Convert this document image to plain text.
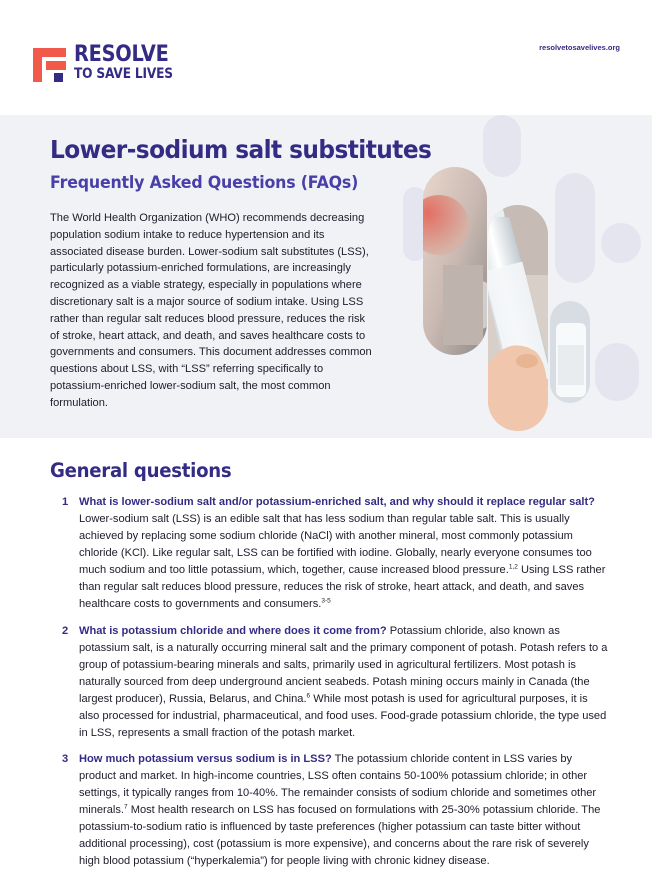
RESOLVE
TO SAVE LIVES
resolvetosavelives.org
Lower-sodium salt substitutes
Frequently Asked Questions (FAQs)

The World Health Organization (WHO) recommends decreasing population sodium intake to reduce hypertension and its associated disease burden. Lower-sodium salt substitutes (LSS), particularly potassium-enriched formulations, are increasingly recognized as a viable strategy, especially in populations where discretionary salt is a major source of sodium intake. Using LSS rather than regular salt reduces blood pressure, reduces the risk of stroke, heart attack, and death, and saves healthcare costs to governments and consumers. This document addresses common questions about LSS, with “LSS” referring specifically to potassium-enriched lower-sodium salt, the most common formulation.

General questions
1 What is lower-sodium salt and/or potassium-enriched salt, and why should it replace regular salt? Lower-sodium salt (LSS) is an edible salt that has less sodium than regular table salt. This is usually achieved by replacing some sodium chloride (NaCl) with another mineral, most commonly potassium chloride (KCl). Like regular salt, LSS can be fortified with iodine. Globally, nearly everyone consumes too much sodium and too little potassium, which, together, cause increased blood pressure.$^{1,2}$ Using LSS rather than regular salt reduces blood pressure, reduces the risk of stroke, heart attack, and death, and saves healthcare costs to governments and consumers.$^{3-5}$
2 What is potassium chloride and where does it come from? Potassium chloride, also known as potassium salt, is a naturally occurring mineral salt and the primary component of potash. Potash refers to a group of potassium-bearing minerals and salts, primarily used in agricultural fertilizers. Most potash is naturally sourced from deep underground ancient seabeds. Potash mining occurs mainly in Canada (the largest producer), Russia, Belarus, and China.$^6$ While most potash is used for agricultural purposes, it is also processed for industrial, pharmaceutical, and food uses. Food-grade potassium chloride, the type used in LSS, represents a small fraction of the potash market.
3 How much potassium versus sodium is in LSS? The potassium chloride content in LSS varies by product and market. In high-income countries, LSS often contains 50-100% potassium chloride; in other settings, it typically ranges from 10-40%. The remainder consists of sodium chloride and sometimes other minerals.$^7$ Most health research on LSS has focused on formulations with 25-30% potassium chloride. The potassium-to-sodium ratio is influenced by taste preferences (higher potassium can taste bitter without additional processing), cost (potassium is more expensive), and concerns about the rare risk of severely high blood potassium (“hyperkalemia”) for people living with chronic kidney disease.
